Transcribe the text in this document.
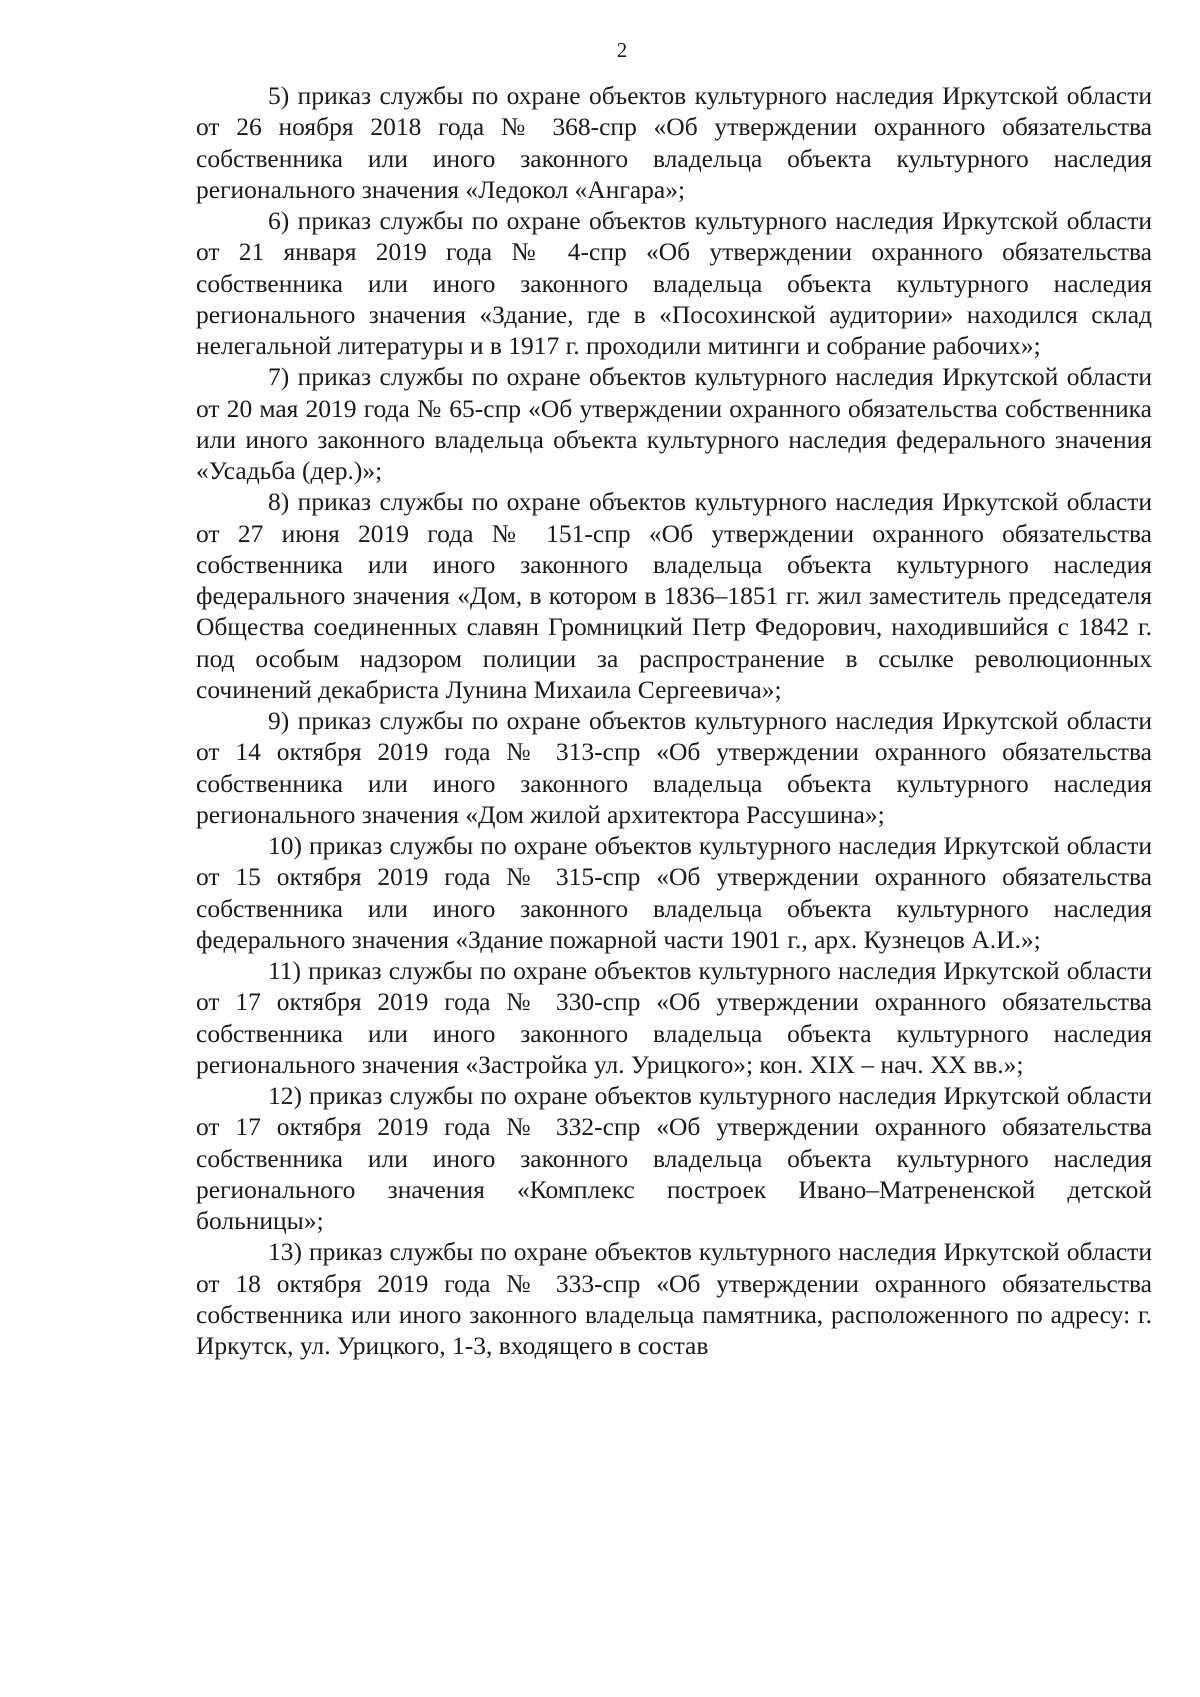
2

5) приказ службы по охране объектов культурного наследия Иркутской области от 26 ноября 2018 года № 368-спр «Об утверждении охранного обязательства собственника или иного законного владельца объекта культурного наследия регионального значения «Ледокол «Ангара»;

6) приказ службы по охране объектов культурного наследия Иркутской области от 21 января 2019 года № 4-спр «Об утверждении охранного обязательства собственника или иного законного владельца объекта культурного наследия регионального значения «Здание, где в «Посохинской аудитории» находился склад нелегальной литературы и в 1917 г. проходили митинги и собрание рабочих»;

7) приказ службы по охране объектов культурного наследия Иркутской области от 20 мая 2019 года № 65-спр «Об утверждении охранного обязательства собственника или иного законного владельца объекта культурного наследия федерального значения «Усадьба (дер.)»;

8) приказ службы по охране объектов культурного наследия Иркутской области от 27 июня 2019 года № 151-спр «Об утверждении охранного обязательства собственника или иного законного владельца объекта культурного наследия федерального значения «Дом, в котором в 1836–1851 гг. жил заместитель председателя Общества соединенных славян Громницкий Петр Федорович, находившийся с 1842 г. под особым надзором полиции за распространение в ссылке революционных сочинений декабриста Лунина Михаила Сергеевича»;

9) приказ службы по охране объектов культурного наследия Иркутской области от 14 октября 2019 года № 313-спр «Об утверждении охранного обязательства собственника или иного законного владельца объекта культурного наследия регионального значения «Дом жилой архитектора Рассушина»;

10) приказ службы по охране объектов культурного наследия Иркутской области от 15 октября 2019 года № 315-спр «Об утверждении охранного обязательства собственника или иного законного владельца объекта культурного наследия федерального значения «Здание пожарной части 1901 г., арх. Кузнецов А.И.»;

11) приказ службы по охране объектов культурного наследия Иркутской области от 17 октября 2019 года № 330-спр «Об утверждении охранного обязательства собственника или иного законного владельца объекта культурного наследия регионального значения «Застройка ул. Урицкого»; кон. XIX – нач. XX вв.»;

12) приказ службы по охране объектов культурного наследия Иркутской области от 17 октября 2019 года № 332-спр «Об утверждении охранного обязательства собственника или иного законного владельца объекта культурного наследия регионального значения «Комплекс построек Ивано–Матрененской детской больницы»;

13) приказ службы по охране объектов культурного наследия Иркутской области от 18 октября 2019 года № 333-спр «Об утверждении охранного обязательства собственника или иного законного владельца памятника, расположенного по адресу: г. Иркутск, ул. Урицкого, 1-3, входящего в состав
